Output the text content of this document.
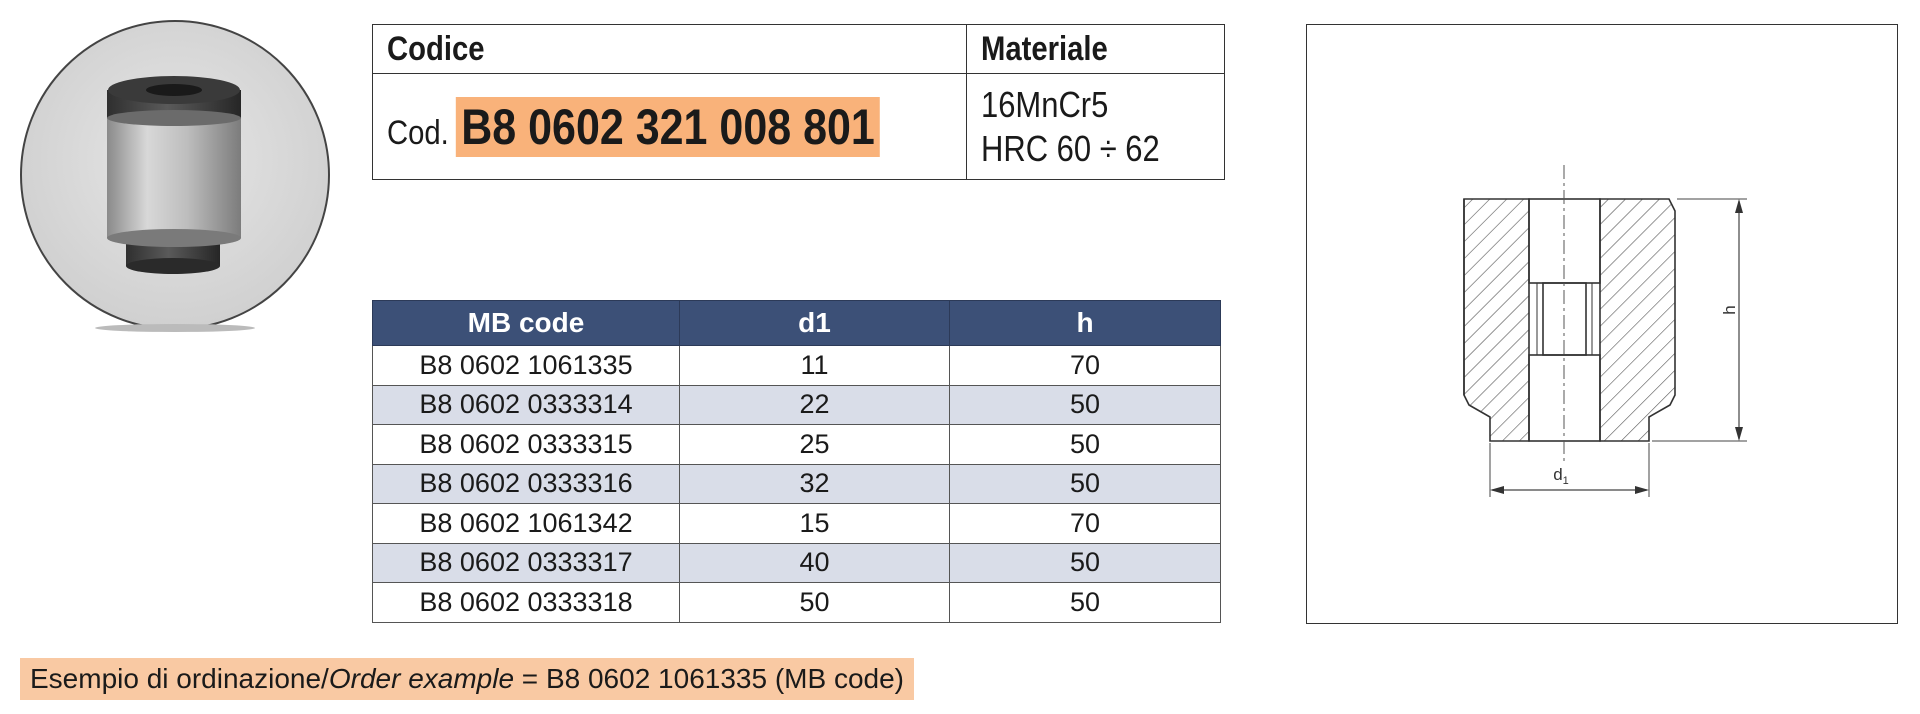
Codice	Materiale
Cod. B8 0602 321 008 801	16MnCr5
HRC 60 ÷ 62
MB code	d1	h
B8 0602 1061335	11	70
B8 0602 0333314	22	50
B8 0602 0333315	25	50
B8 0602 0333316	32	50
B8 0602 1061342	15	70
B8 0602 0333317	40	50
B8 0602 0333318	50	50
h
$d_1$
Esempio di ordinazione/Order example = B8 0602 1061335 (MB code)
